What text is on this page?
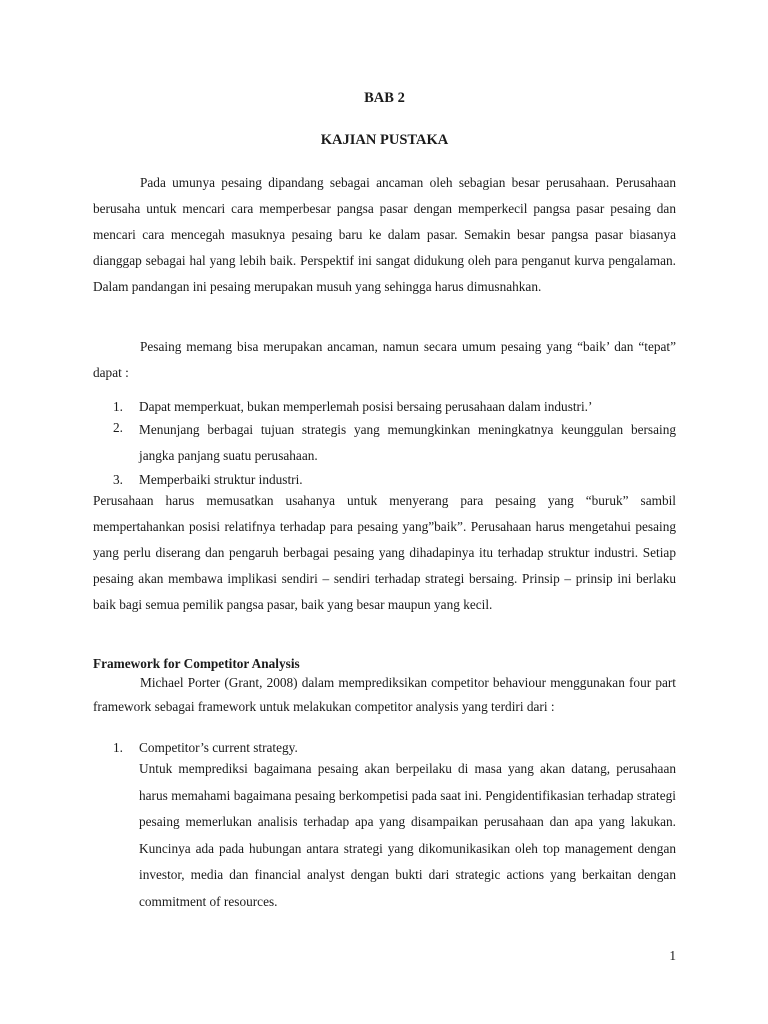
BAB 2
KAJIAN PUSTAKA

Pada umunya pesaing dipandang sebagai ancaman oleh sebagian besar perusahaan. Perusahaan berusaha untuk mencari cara memperbesar pangsa pasar dengan memperkecil pangsa pasar pesaing dan mencari cara mencegah masuknya pesaing baru ke dalam pasar. Semakin besar pangsa pasar biasanya dianggap sebagai hal yang lebih baik. Perspektif ini sangat didukung oleh para penganut kurva pengalaman. Dalam pandangan ini pesaing merupakan musuh yang sehingga harus dimusnahkan.

Pesaing memang bisa merupakan ancaman, namun secara umum pesaing yang “baik’ dan “tepat” dapat :

1. Dapat memperkuat, bukan memperlemah posisi bersaing perusahaan dalam industri.’
2. Menunjang berbagai tujuan strategis yang memungkinkan meningkatnya keunggulan bersaing jangka panjang suatu perusahaan.
3. Memperbaiki struktur industri.

Perusahaan harus memusatkan usahanya untuk menyerang para pesaing yang “buruk” sambil mempertahankan posisi relatifnya terhadap para pesaing yang”baik”. Perusahaan harus mengetahui pesaing yang perlu diserang dan pengaruh berbagai pesaing yang dihadapinya itu terhadap struktur industri. Setiap pesaing akan membawa implikasi sendiri – sendiri terhadap strategi bersaing. Prinsip – prinsip ini berlaku baik bagi semua pemilik pangsa pasar, baik yang besar maupun yang kecil.

Framework for Competitor Analysis

Michael Porter (Grant, 2008) dalam memprediksikan competitor behaviour menggunakan four part framework sebagai framework untuk melakukan competitor analysis yang terdiri dari :

1. Competitor’s current strategy.

Untuk memprediksi bagaimana pesaing akan berpeilaku di masa yang akan datang, perusahaan harus memahami bagaimana pesaing berkompetisi pada saat ini. Pengidentifikasian terhadap strategi pesaing memerlukan analisis terhadap apa yang disampaikan perusahaan dan apa yang lakukan. Kuncinya ada pada hubungan antara strategi yang dikomunikasikan oleh top management dengan investor, media dan financial analyst dengan bukti dari strategic actions yang berkaitan dengan commitment of resources.

1
